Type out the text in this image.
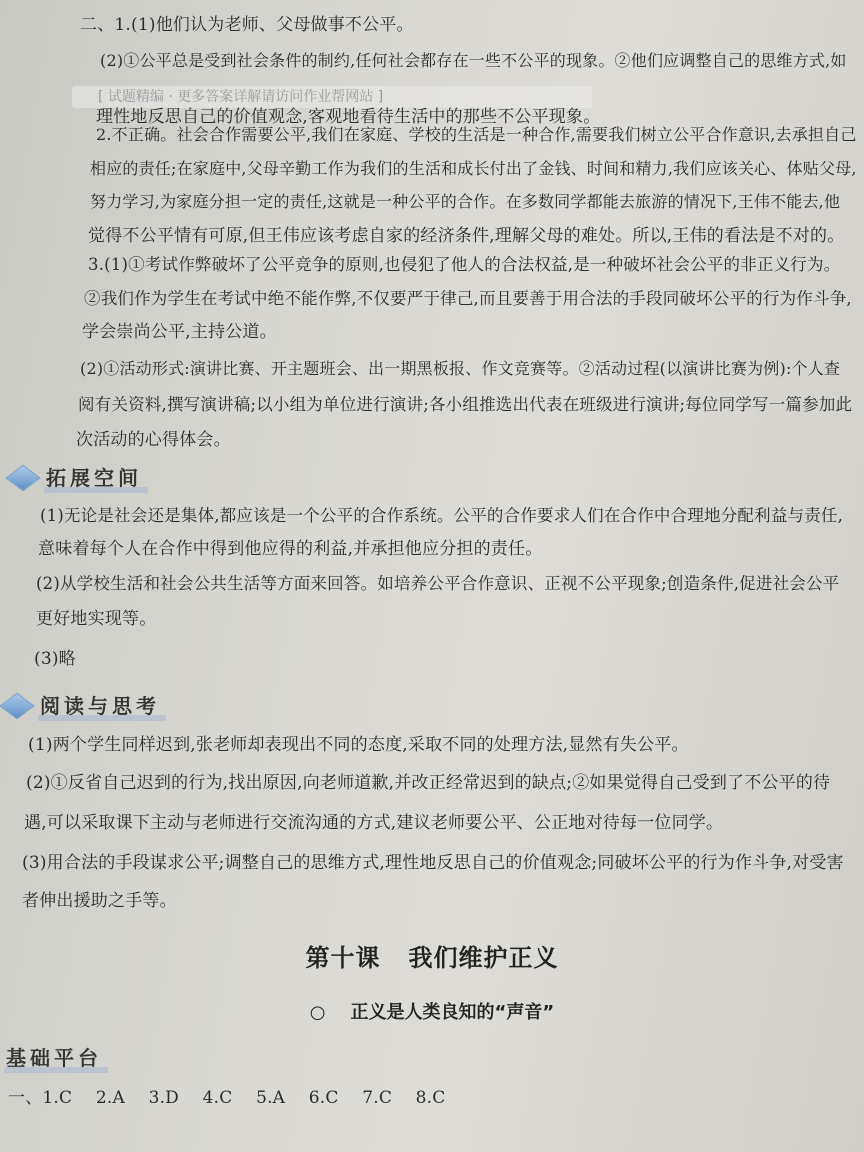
二、1.(1)他们认为老师、父母做事不公平。
(2)①公平总是受到社会条件的制约,任何社会都存在一些不公平的现象。②他们应调整自己的思维方式,如
[ 试题精编 · 更多答案详解请访问作业帮网站 ]
理性地反思自己的价值观念,客观地看待生活中的那些不公平现象。
2.不正确。社会合作需要公平,我们在家庭、学校的生活是一种合作,需要我们树立公平合作意识,去承担自己
相应的责任;在家庭中,父母辛勤工作为我们的生活和成长付出了金钱、时间和精力,我们应该关心、体贴父母,
努力学习,为家庭分担一定的责任,这就是一种公平的合作。在多数同学都能去旅游的情况下,王伟不能去,他
觉得不公平情有可原,但王伟应该考虑自家的经济条件,理解父母的难处。所以,王伟的看法是不对的。
3.(1)①考试作弊破坏了公平竞争的原则,也侵犯了他人的合法权益,是一种破坏社会公平的非正义行为。
②我们作为学生在考试中绝不能作弊,不仅要严于律己,而且要善于用合法的手段同破坏公平的行为作斗争,
学会崇尚公平,主持公道。
(2)①活动形式:演讲比赛、开主题班会、出一期黑板报、作文竞赛等。②活动过程(以演讲比赛为例):个人查
阅有关资料,撰写演讲稿;以小组为单位进行演讲;各小组推选出代表在班级进行演讲;每位同学写一篇参加此
次活动的心得体会。
拓展空间
(1)无论是社会还是集体,都应该是一个公平的合作系统。公平的合作要求人们在合作中合理地分配利益与责任,
意味着每个人在合作中得到他应得的利益,并承担他应分担的责任。
(2)从学校生活和社会公共生活等方面来回答。如培养公平合作意识、正视不公平现象;创造条件,促进社会公平
更好地实现等。
(3)略
阅读与思考
(1)两个学生同样迟到,张老师却表现出不同的态度,采取不同的处理方法,显然有失公平。
(2)①反省自己迟到的行为,找出原因,向老师道歉,并改正经常迟到的缺点;②如果觉得自己受到了不公平的待
遇,可以采取课下主动与老师进行交流沟通的方式,建议老师要公平、公正地对待每一位同学。
(3)用合法的手段谋求公平;调整自己的思维方式,理性地反思自己的价值观念;同破坏公平的行为作斗争,对受害
者伸出援助之手等。
第十课   我们维护正义
○    正义是人类良知的“声音”
基础平台
一、1.C 2.A 3.D 4.C 5.A 6.C 7.C 8.C
